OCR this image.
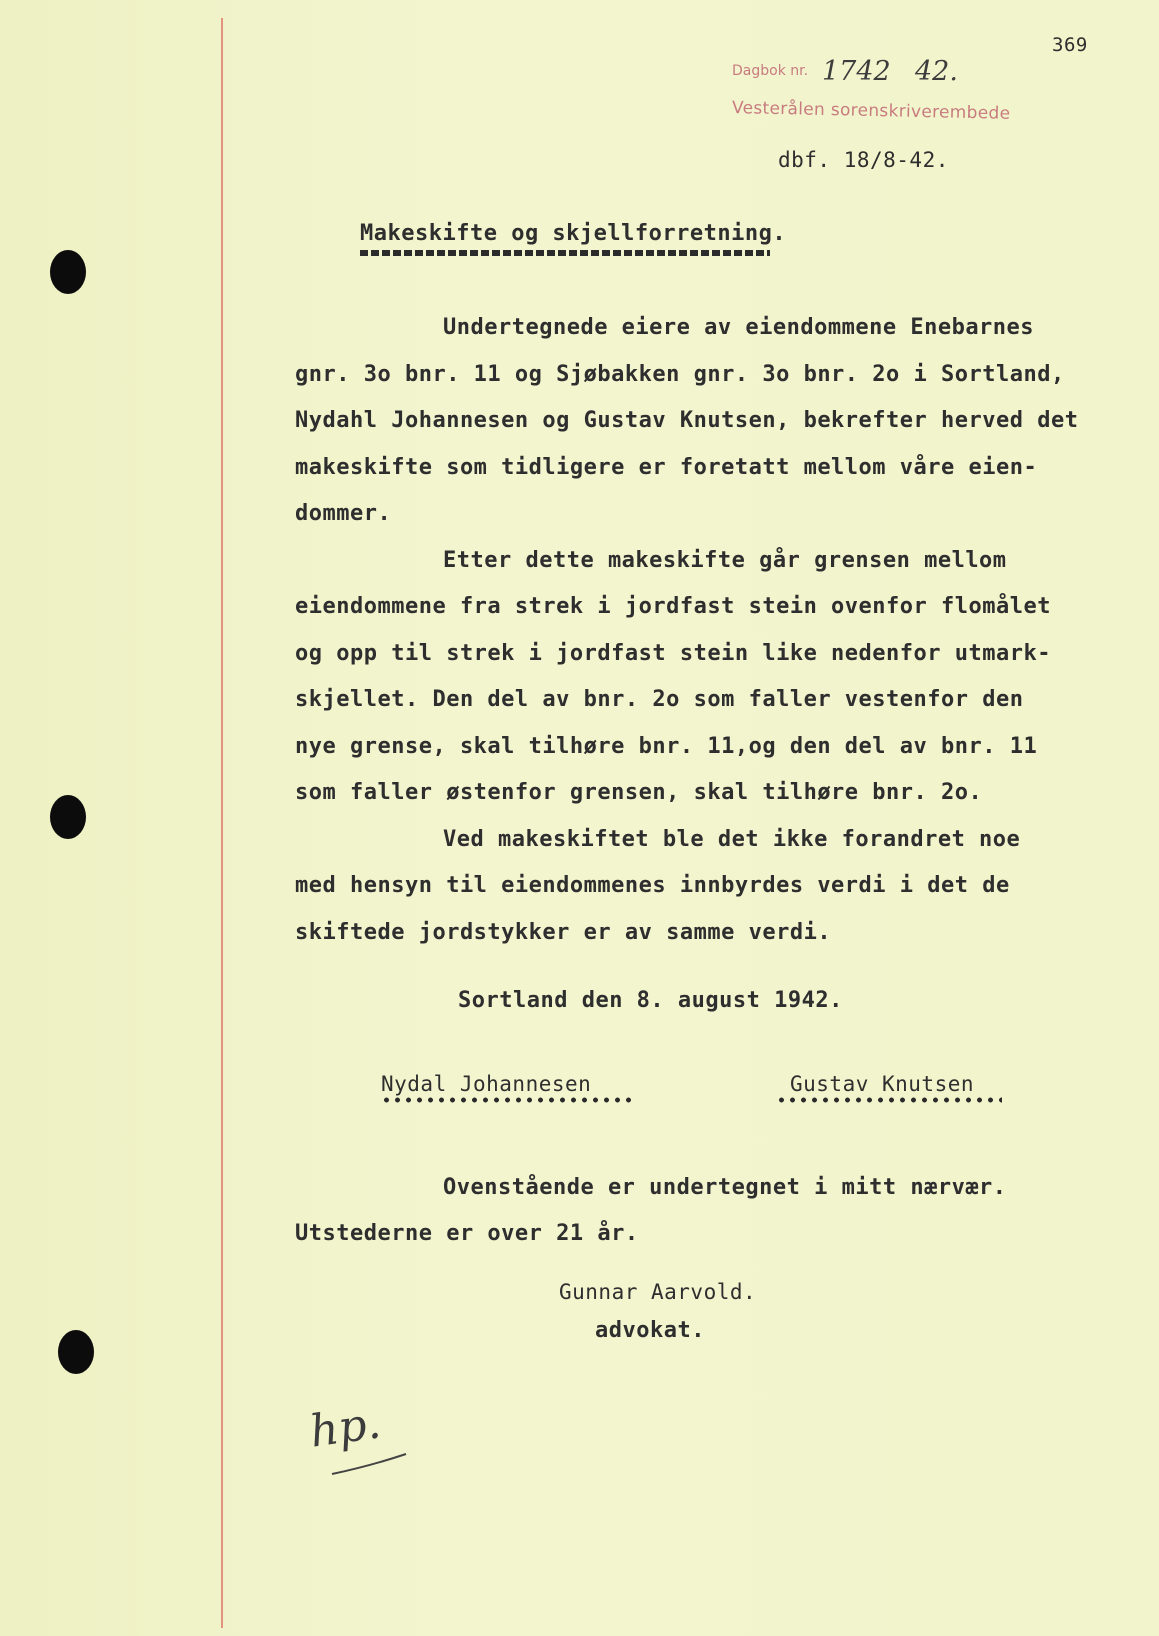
369
Dagbok nr. 1742 42.
Vesterålen sorenskriverembede
dbf. 18/8-42.
Makeskifte og skjellforretning.
Undertegnede eiere av eiendommene Enebarnes
gnr. 3o bnr. 11 og Sjøbakken gnr. 3o bnr. 2o i Sortland,
Nydahl Johannesen og Gustav Knutsen, bekrefter herved det
makeskifte som tidligere er foretatt mellom våre eien-
dommer.
Etter dette makeskifte går grensen mellom
eiendommene fra strek i jordfast stein ovenfor flomålet
og opp til strek i jordfast stein like nedenfor utmark-
skjellet. Den del av bnr. 2o som faller vestenfor den
nye grense, skal tilhøre bnr. 11,og den del av bnr. 11
som faller østenfor grensen, skal tilhøre bnr. 2o.
Ved makeskiftet ble det ikke forandret noe
med hensyn til eiendommenes innbyrdes verdi i det de
skiftede jordstykker er av samme verdi.
Sortland den 8. august 1942.
Nydal Johannesen	Gustav Knutsen
Ovenstående er undertegnet i mitt nærvær.
Utstederne er over 21 år.
Gunnar Aarvold.
advokat.
hp.
